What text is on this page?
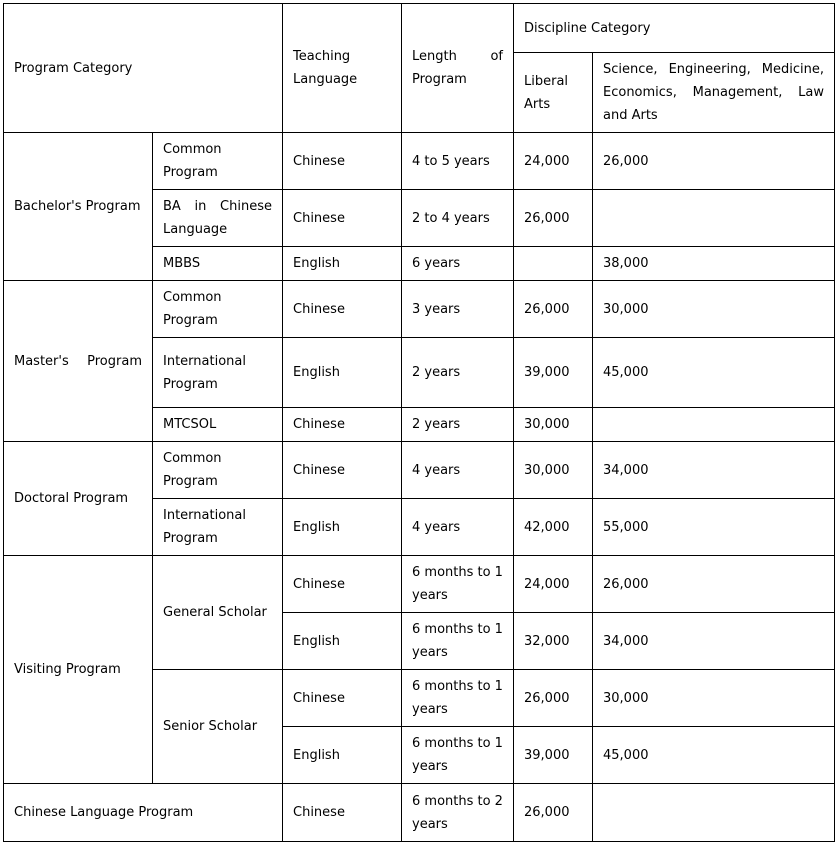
Program Category		Teaching Language	Length of Program	Discipline Category	
				Liberal Arts	Science, Engineering, Medicine, Economics, Management, Law and Arts
Bachelor's Program	Common Program	Chinese	4 to 5 years	24,000	26,000
	BA in Chinese Language	Chinese	2 to 4 years	26,000	
	MBBS	English	6 years		38,000
Master's Program	Common Program	Chinese	3 years	26,000	30,000
	International Program	English	2 years	39,000	45,000
	MTCSOL	Chinese	2 years	30,000	
Doctoral Program	Common Program	Chinese	4 years	30,000	34,000
	International Program	English	4 years	42,000	55,000
Visiting Program	General Scholar	Chinese	6 months to 1 years	24,000	26,000
		English	6 months to 1 years	32,000	34,000
	Senior Scholar	Chinese	6 months to 1 years	26,000	30,000
		English	6 months to 1 years	39,000	45,000
Chinese Language Program		Chinese	6 months to 2 years	26,000	
